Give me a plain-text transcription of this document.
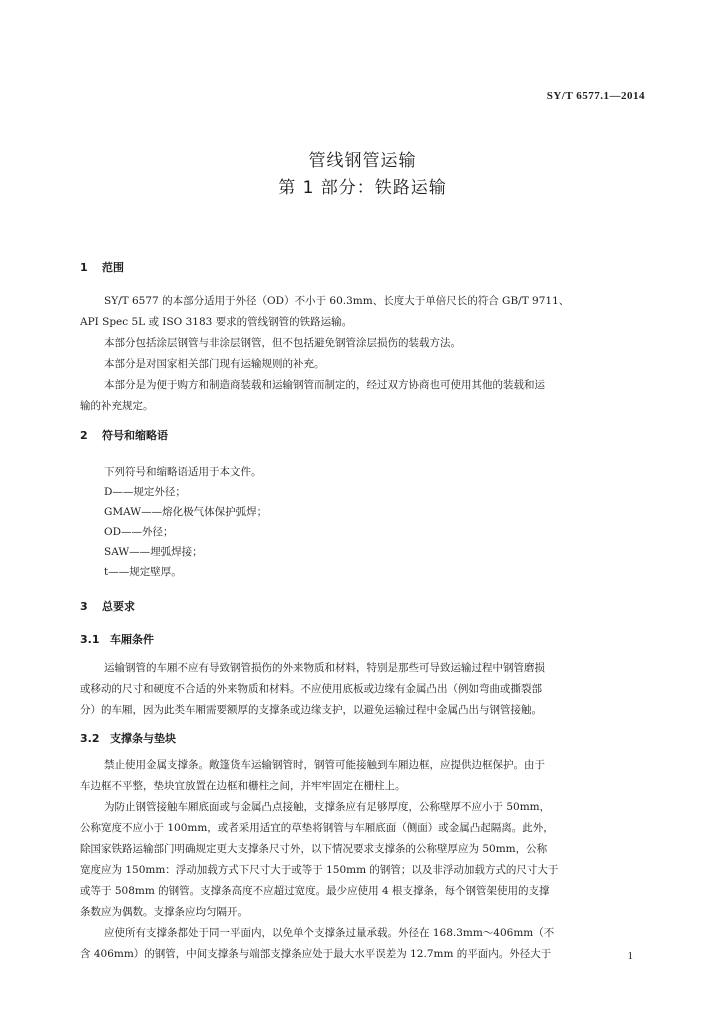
SY/T 6577.1—2014
管线钢管运输
第 1 部分：铁路运输
1 范围
SY/T 6577 的本部分适用于外径（OD）不小于 60.3mm、长度大于单倍尺长的符合 GB/T 9711、
API Spec 5L 或 ISO 3183 要求的管线钢管的铁路运输。
本部分包括涂层钢管与非涂层钢管，但不包括避免钢管涂层损伤的装载方法。
本部分是对国家相关部门现有运输规则的补充。
本部分是为便于购方和制造商装载和运输钢管而制定的，经过双方协商也可使用其他的装载和运
输的补充规定。
2 符号和缩略语
下列符号和缩略语适用于本文件。
D——规定外径；
GMAW——熔化极气体保护弧焊；
OD——外径；
SAW——埋弧焊接；
t——规定壁厚。
3 总要求
3.1 车厢条件
运输钢管的车厢不应有导致钢管损伤的外来物质和材料，特别是那些可导致运输过程中钢管磨损
或移动的尺寸和硬度不合适的外来物质和材料。不应使用底板或边缘有金属凸出（例如弯曲或撕裂部
分）的车厢，因为此类车厢需要额厚的支撑条或边缘支护，以避免运输过程中金属凸出与钢管接触。
3.2 支撑条与垫块
禁止使用金属支撑条。敞篷货车运输钢管时，钢管可能接触到车厢边框，应提供边框保护。由于
车边框不平整，垫块宜放置在边框和栅柱之间，并牢牢固定在栅柱上。
为防止钢管接触车厢底面或与金属凸点接触，支撑条应有足够厚度，公称壁厚不应小于 50mm，
公称宽度不应小于 100mm，或者采用适宜的草垫将钢管与车厢底面（侧面）或金属凸起隔离。此外，
除国家铁路运输部门明确规定更大支撑条尺寸外，以下情况要求支撑条的公称壁厚应为 50mm，公称
宽度应为 150mm：浮动加载方式下尺寸大于或等于 150mm 的钢管；以及非浮动加载方式的尺寸大于
或等于 508mm 的钢管。支撑条高度不应超过宽度。最少应使用 4 根支撑条，每个钢管架使用的支撑
条数应为偶数。支撑条应均匀隔开。
应使所有支撑条都处于同一平面内，以免单个支撑条过量承载。外径在 168.3mm～406mm（不
含 406mm）的钢管，中间支撑条与端部支撑条应处于最大水平误差为 12.7mm 的平面内。外径大于	1
